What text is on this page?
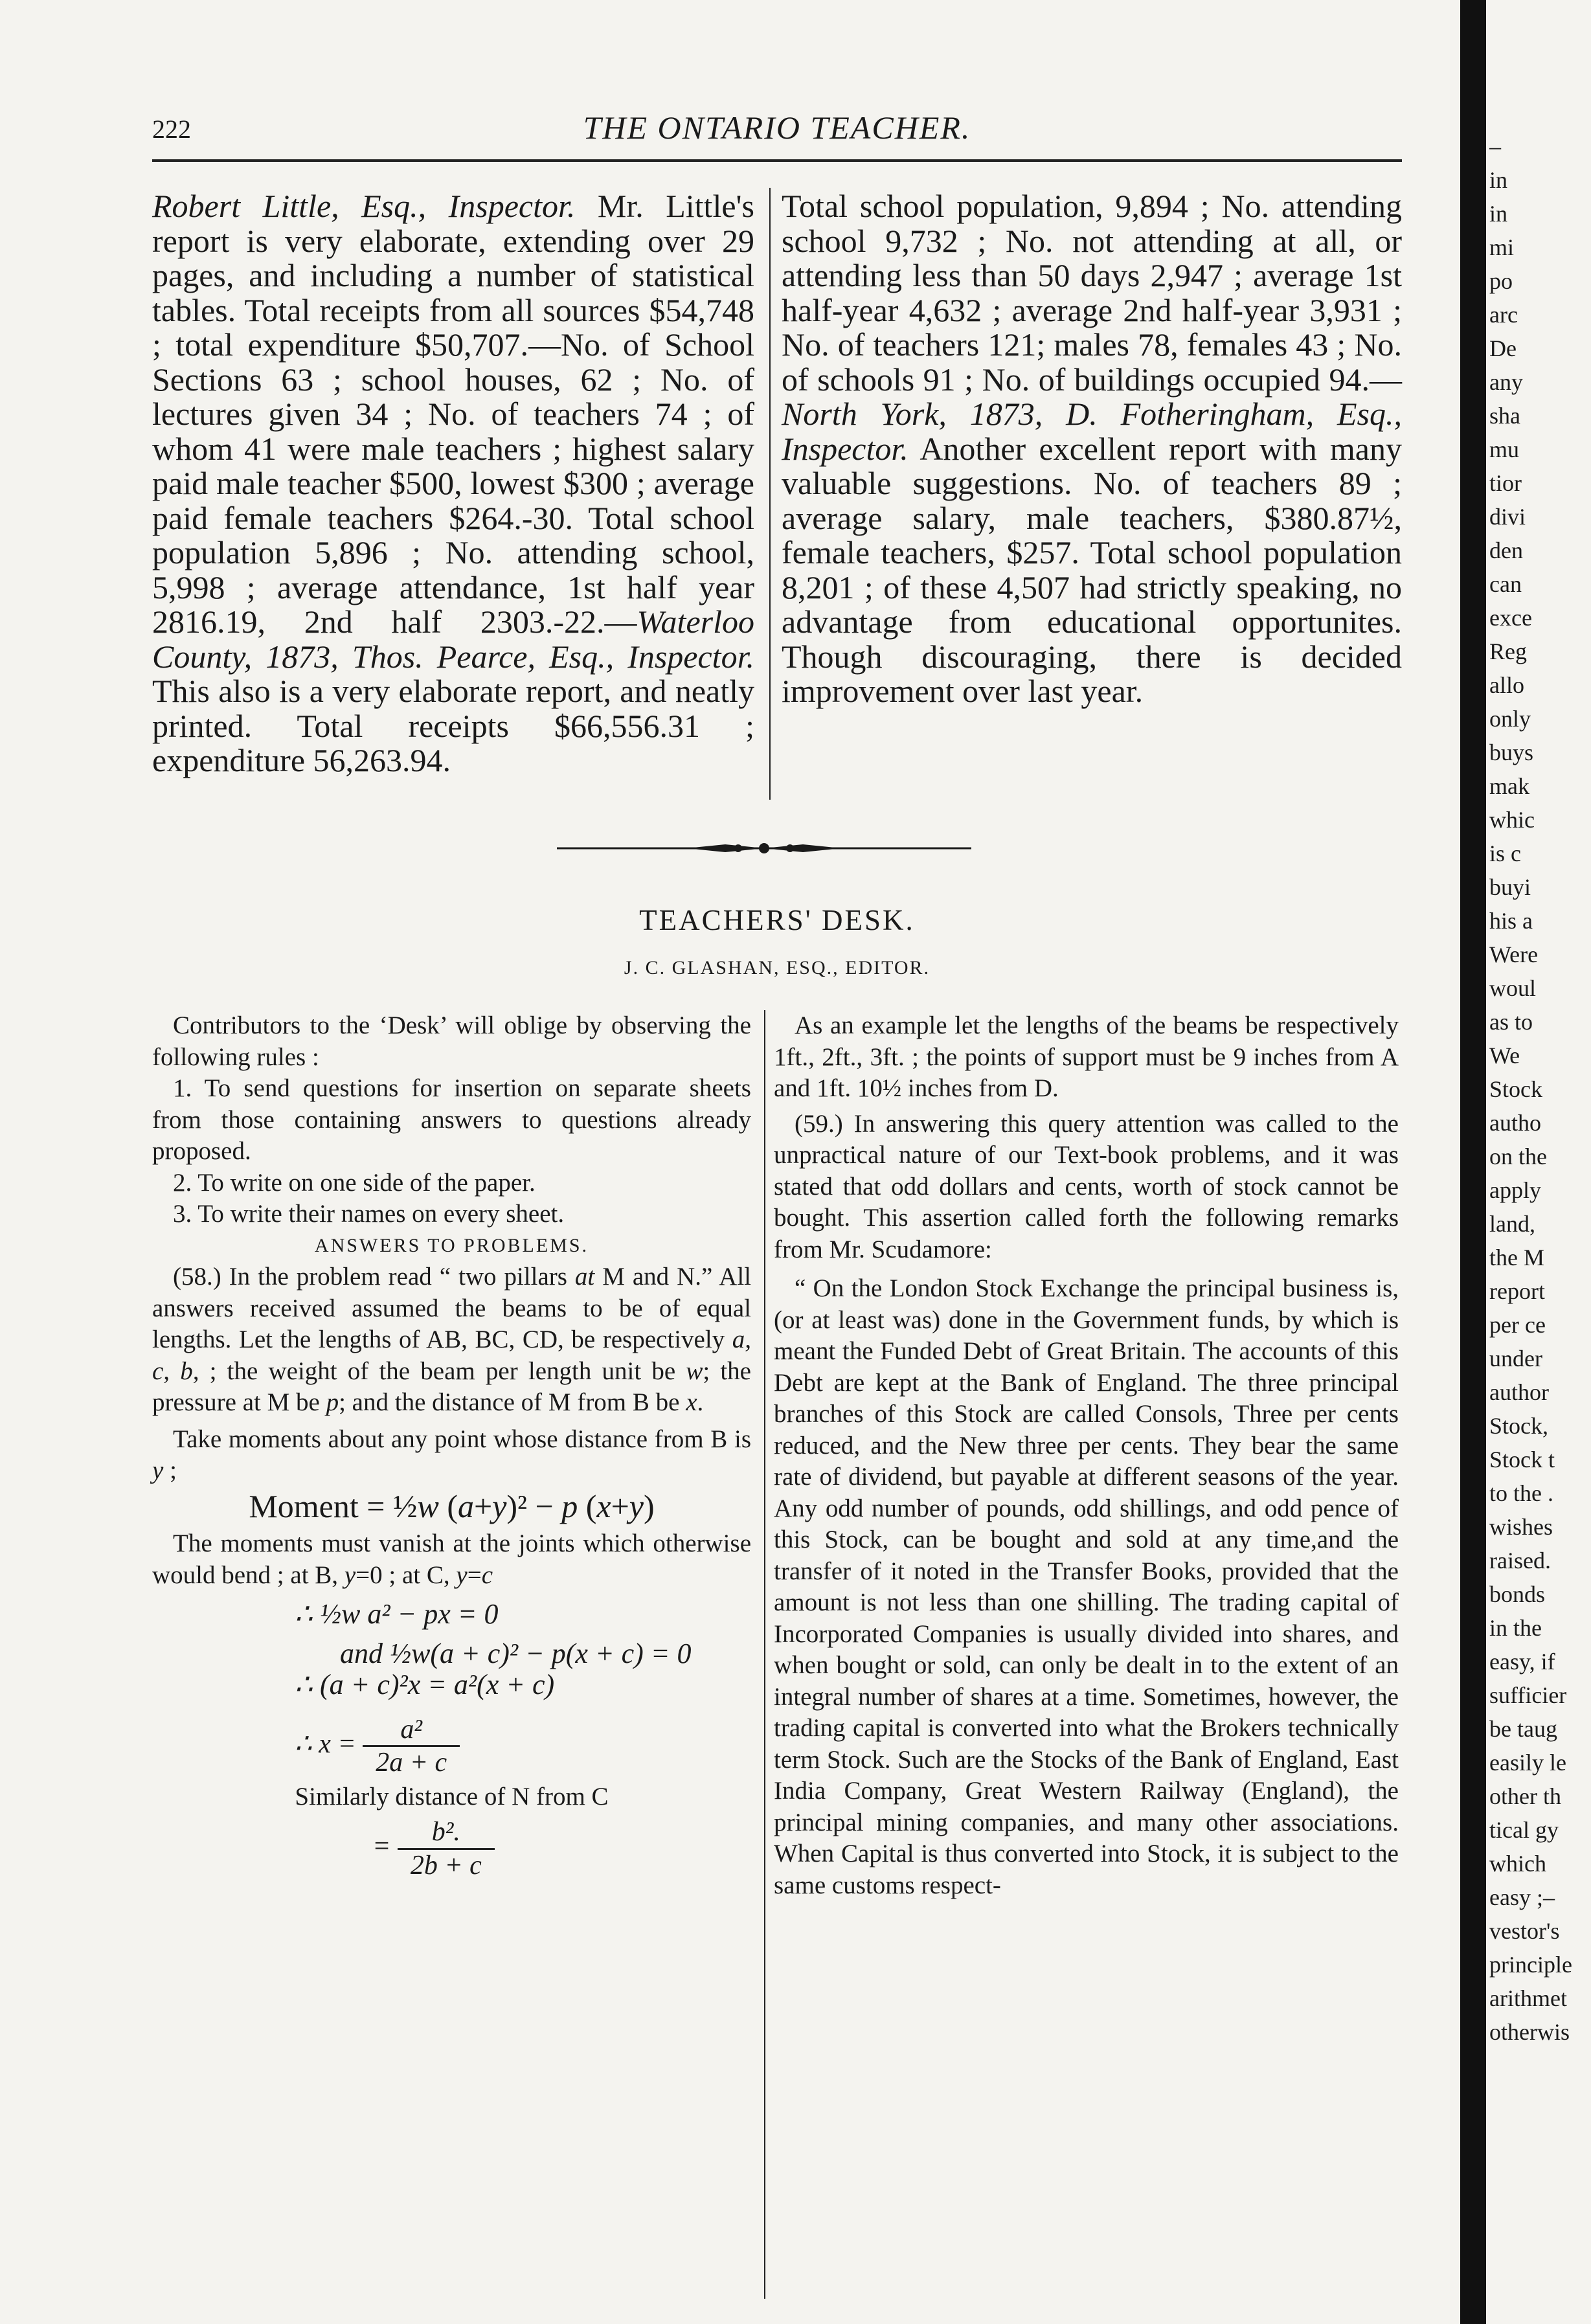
222	THE ONTARIO TEACHER.

Robert Little, Esq., Inspector. Mr. Little's report is very elaborate, extending over 29 pages, and including a number of statistical tables. Total receipts from all sources $54,748 ; total expenditure $50,707.—No. of School Sections 63 ; school houses, 62 ; No. of lectures given 34 ; No. of teachers 74 ; of whom 41 were male teachers ; highest salary paid male teacher $500, lowest $300 ; average paid female teachers $264.-30. Total school population 5,896 ; No. attending school, 5,998 ; average attendance, 1st half year 2816.19, 2nd half 2303.-22.—Waterloo County, 1873, Thos. Pearce, Esq., Inspector. This also is a very elaborate report, and neatly printed. Total receipts $66,556.31 ; expenditure 56,263.94.

Total school population, 9,894 ; No. attending school 9,732 ; No. not attending at all, or attending less than 50 days 2,947 ; average 1st half-year 4,632 ; average 2nd half-year 3,931 ; No. of teachers 121; males 78, females 43 ; No. of schools 91 ; No. of buildings occupied 94.—North York, 1873, D. Fotheringham, Esq., Inspector. Another excellent report with many valuable suggestions. No. of teachers 89 ; average salary, male teachers, $380.87½, female teachers, $257. Total school population 8,201 ; of these 4,507 had strictly speaking, no advantage from educational opportunites. Though discouraging, there is decided improvement over last year.

TEACHERS' DESK.
J. C. GLASHAN, ESQ., EDITOR.

Contributors to the ‘Desk’ will oblige by observing the following rules :

1. To send questions for insertion on separate sheets from those containing answers to questions already proposed.

2. To write on one side of the paper.

3. To write their names on every sheet.

ANSWERS TO PROBLEMS.

(58.) In the problem read “ two pillars at M and N.” All answers received assumed the beams to be of equal lengths. Let the lengths of AB, BC, CD, be respectively a, c, b, ; the weight of the beam per length unit be w; the pressure at M be p; and the distance of M from B be x.

Take moments about any point whose distance from B is y ;

Moment = ½w (a+y)² − p (x+y)

The moments must vanish at the joints which otherwise would bend ; at B, y=0 ; at C, y=c

∴ ½w a² − px = 0

and ½w(a + c)² − p(x + c) = 0

∴ (a + c)²x = a²(x + c)

∴ $x = \frac{\text{a²}}{2a + c}$

Similarly distance of N from C

= $\frac{\text{b².}}{2b + c}$

As an example let the lengths of the beams be respectively 1ft., 2ft., 3ft. ; the points of support must be 9 inches from A and 1ft. 10½ inches from D.

(59.) In answering this query attention was called to the unpractical nature of our Text-book problems, and it was stated that odd dollars and cents, worth of stock cannot be bought. This assertion called forth the following remarks from Mr. Scudamore:

“ On the London Stock Exchange the principal business is, (or at least was) done in the Government funds, by which is meant the Funded Debt of Great Britain. The accounts of this Debt are kept at the Bank of England. The three principal branches of this Stock are called Consols, Three per cents reduced, and the New three per cents. They bear the same rate of dividend, but payable at different seasons of the year. Any odd number of pounds, odd shillings, and odd pence of this Stock, can be bought and sold at any time,and the transfer of it noted in the Transfer Books, provided that the amount is not less than one shilling. The trading capital of Incorporated Companies is usually divided into shares, and when bought or sold, can only be dealt in to the extent of an integral number of shares at a time. Sometimes, however, the trading capital is converted into what the Brokers technically term Stock. Such are the Stocks of the Bank of England, East India Company, Great Western Railway (England), the principal mining companies, and many other associations. When Capital is thus converted into Stock, it is subject to the same customs respect-

–
in
in
mi
po
arc
De
any
sha
mu
tior
divi
den
can
exce
Reg
allo
only
buys
mak
whic
is c
buyi
his a
Were
woul
as to
We
Stock
autho
on the
apply
land,
the M
report
per ce
under
author
Stock,
Stock t
to the .
wishes
raised.
bonds
in the
easy, if
sufficier
be taug
easily le
other th
tical gy
which
easy ;–
vestor's
principle
arithmet
otherwis
